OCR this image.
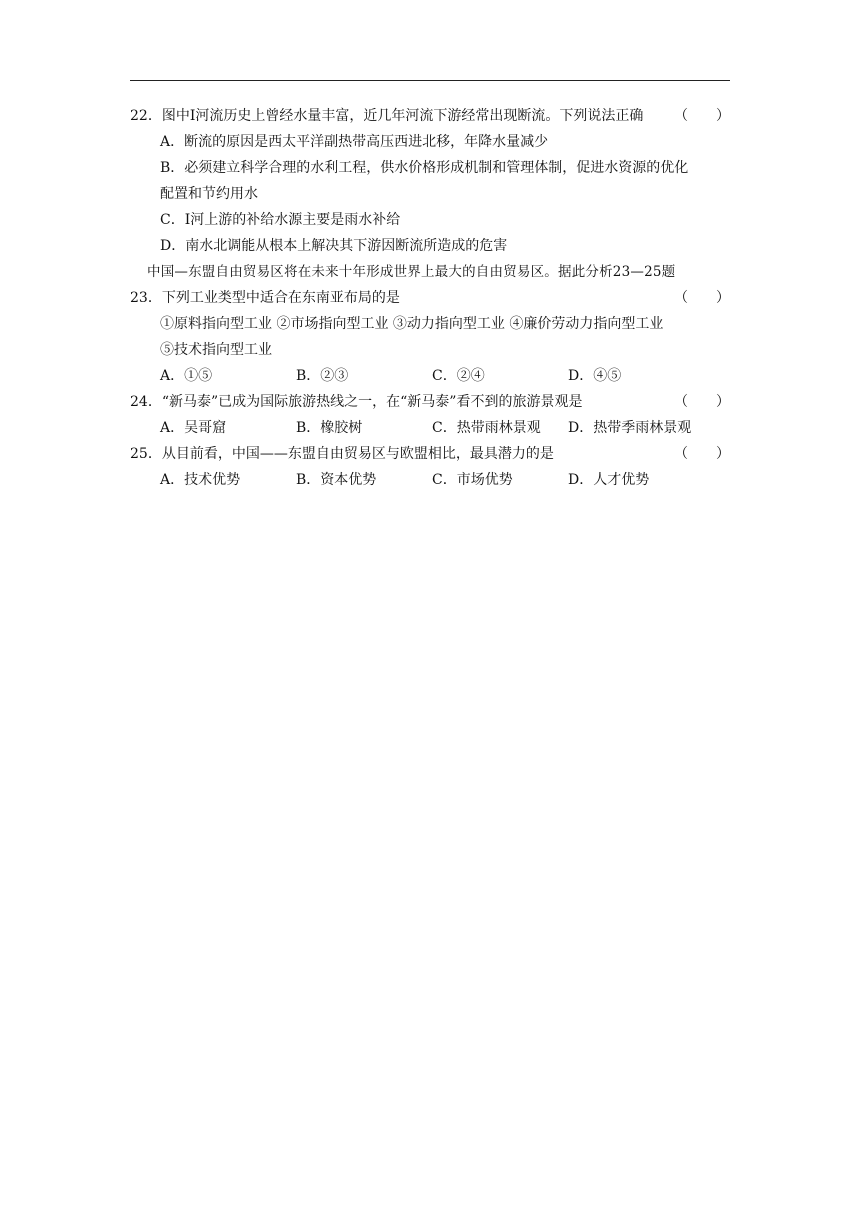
22．图中Ⅰ河流历史上曾经水量丰富，近几年河流下游经常出现断流。下列说法正确 （　　）
A．断流的原因是西太平洋副热带高压西进北移，年降水量减少
B．必须建立科学合理的水利工程，供水价格形成机制和管理体制，促进水资源的优化
配置和节约用水
C．Ⅰ河上游的补给水源主要是雨水补给
D．南水北调能从根本上解决其下游因断流所造成的危害
中国—东盟自由贸易区将在未来十年形成世界上最大的自由贸易区。据此分析23—25题
23．下列工业类型中适合在东南亚布局的是	（　　）
①原料指向型工业 ②市场指向型工业 ③动力指向型工业 ④廉价劳动力指向型工业
⑤技术指向型工业
A．①⑤	B．②③	C．②④	D．④⑤
24．“新马泰”已成为国际旅游热线之一，在“新马泰”看不到的旅游景观是	（　　）
A．吴哥窟	B．橡胶树	C．热带雨林景观 D．热带季雨林景观
25．从目前看，中国——东盟自由贸易区与欧盟相比，最具潜力的是	（　　）
A．技术优势	B．资本优势	C．市场优势	D．人才优势
